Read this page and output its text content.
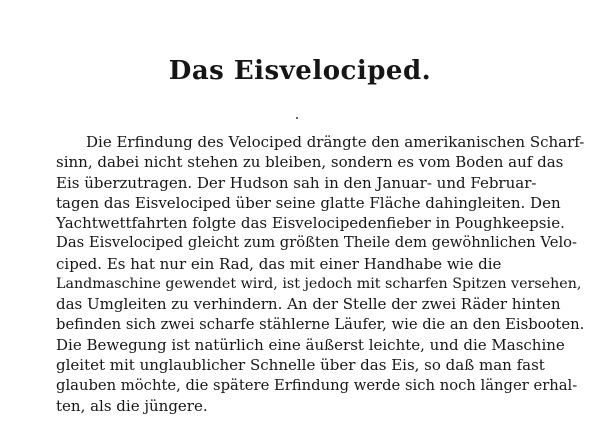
Das Eisvelociped.
Die Erfindung des Velociped drängte den amerikanischen Scharf-
sinn, dabei nicht stehen zu bleiben, sondern es vom Boden auf das
Eis überzutragen. Der Hudson sah in den Januar- und Februar-
tagen das Eisvelociped über seine glatte Fläche dahingleiten. Den
Yachtwettfahrten folgte das Eisvelocipedenfieber in Poughkeepsie.
Das Eisvelociped gleicht zum größten Theile dem gewöhnlichen Velo-
ciped. Es hat nur ein Rad, das mit einer Handhabe wie die
Landmaschine gewendet wird, ist jedoch mit scharfen Spitzen versehen,
das Umgleiten zu verhindern. An der Stelle der zwei Räder hinten
befinden sich zwei scharfe stählerne Läufer, wie die an den Eisbooten.
Die Bewegung ist natürlich eine äußerst leichte, und die Maschine
gleitet mit unglaublicher Schnelle über das Eis, so daß man fast
glauben möchte, die spätere Erfindung werde sich noch länger erhal-
ten, als die jüngere.
